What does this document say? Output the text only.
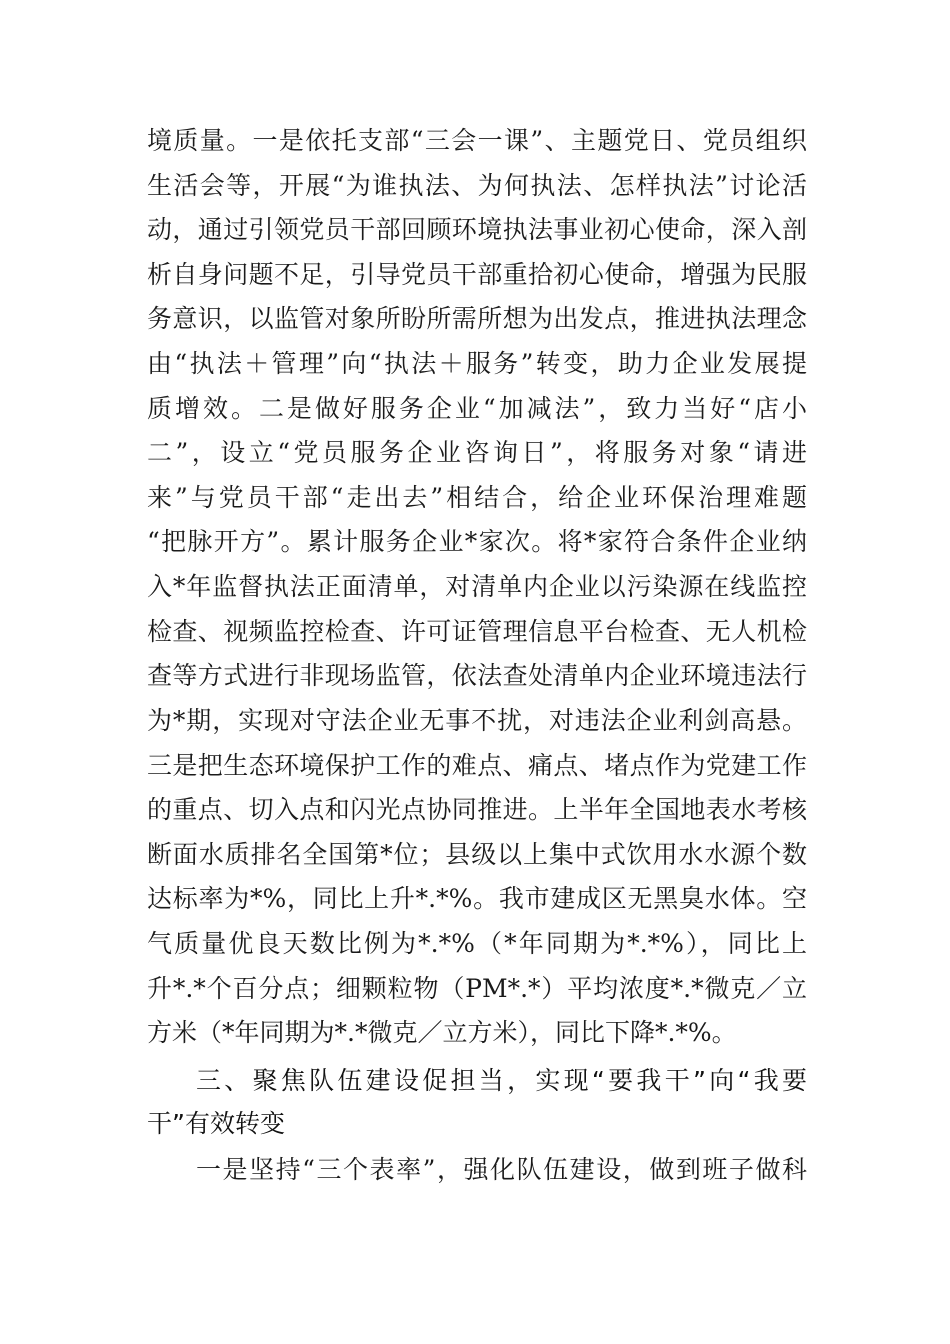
境质量。一是依托支部“三会一课”、主题党日、党员组织
生活会等，开展“为谁执法、为何执法、怎样执法”讨论活
动，通过引领党员干部回顾环境执法事业初心使命，深入剖
析自身问题不足，引导党员干部重拾初心使命，增强为民服
务意识，以监管对象所盼所需所想为出发点，推进执法理念
由“执法＋管理”向“执法＋服务”转变，助力企业发展提
质增效。二是做好服务企业“加减法”，致力当好“店小
二”，设立“党员服务企业咨询日”，将服务对象“请进
来”与党员干部“走出去”相结合，给企业环保治理难题
“把脉开方”。累计服务企业*家次。将*家符合条件企业纳
入*年监督执法正面清单，对清单内企业以污染源在线监控
检查、视频监控检查、许可证管理信息平台检查、无人机检
查等方式进行非现场监管，依法查处清单内企业环境违法行
为*期，实现对守法企业无事不扰，对违法企业利剑高悬。
三是把生态环境保护工作的难点、痛点、堵点作为党建工作
的重点、切入点和闪光点协同推进。上半年全国地表水考核
断面水质排名全国第*位；县级以上集中式饮用水水源个数
达标率为*%，同比上升*.*%。我市建成区无黑臭水体。空
气质量优良天数比例为*.*%（*年同期为*.*%），同比上
升*.*个百分点；细颗粒物（PM*.*）平均浓度*.*微克／立
方米（*年同期为*.*微克／立方米），同比下降*.*%。
三、聚焦队伍建设促担当，实现“要我干”向“我要
干”有效转变
一是坚持“三个表率”，强化队伍建设，做到班子做科
